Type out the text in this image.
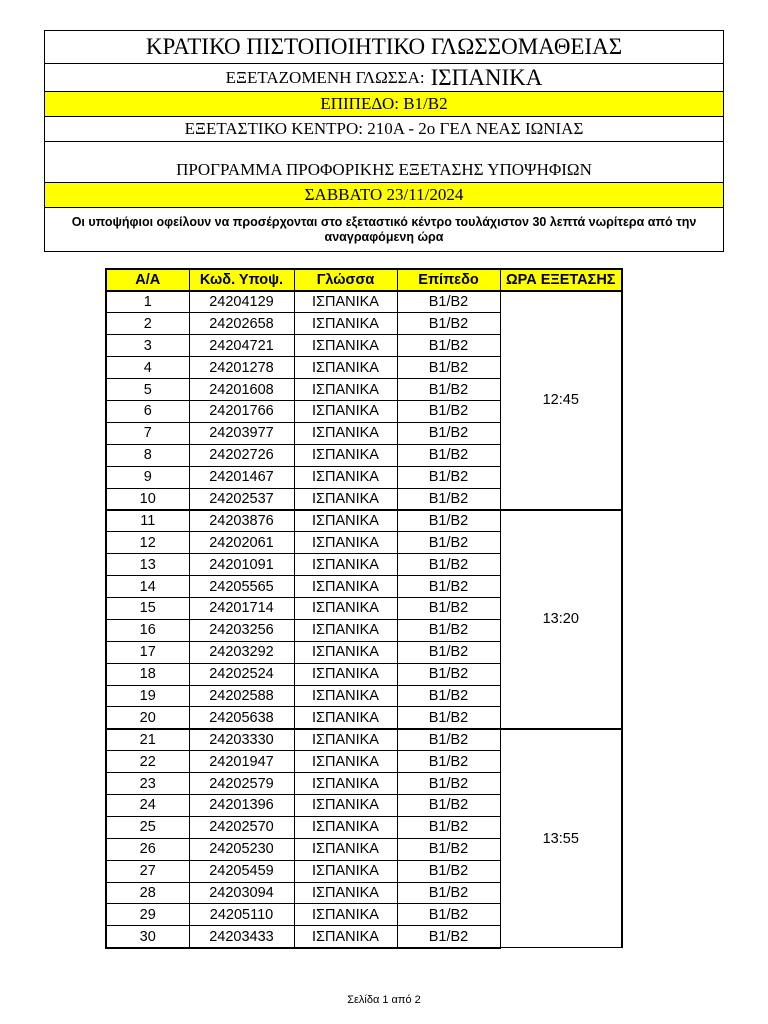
ΚΡΑΤΙΚΟ ΠΙΣΤΟΠΟΙΗΤΙΚΟ ΓΛΩΣΣΟΜΑΘΕΙΑΣ
ΕΞΕΤΑΖΟΜΕΝΗ ΓΛΩΣΣΑ: ΙΣΠΑΝΙΚΑ
ΕΠΙΠΕΔΟ: Β1/Β2
ΕΞΕΤΑΣΤΙΚΟ ΚΕΝΤΡΟ: 210Α - 2ο ΓΕΛ ΝΕΑΣ ΙΩΝΙΑΣ
ΠΡΟΓΡΑΜΜΑ ΠΡΟΦΟΡΙΚΗΣ ΕΞΕΤΑΣΗΣ ΥΠΟΨΗΦΙΩΝ
ΣΑΒΒΑΤΟ 23/11/2024
Οι υποψήφιοι οφείλουν να προσέρχονται στο εξεταστικό κέντρο τουλάχιστον 30 λεπτά νωρίτερα από την αναγραφόμενη ώρα
Α/Α	Κωδ. Υποψ.	Γλώσσα	Επίπεδο	ΩΡΑ ΕΞΕΤΑΣΗΣ
1	24204129	ΙΣΠΑΝΙΚΑ	B1/B2	12:45
2	24202658	ΙΣΠΑΝΙΚΑ	B1/B2	
3	24204721	ΙΣΠΑΝΙΚΑ	B1/B2	
4	24201278	ΙΣΠΑΝΙΚΑ	B1/B2	
5	24201608	ΙΣΠΑΝΙΚΑ	B1/B2	
6	24201766	ΙΣΠΑΝΙΚΑ	B1/B2	
7	24203977	ΙΣΠΑΝΙΚΑ	B1/B2	
8	24202726	ΙΣΠΑΝΙΚΑ	B1/B2	
9	24201467	ΙΣΠΑΝΙΚΑ	B1/B2	
10	24202537	ΙΣΠΑΝΙΚΑ	B1/B2	
11	24203876	ΙΣΠΑΝΙΚΑ	B1/B2	13:20
12	24202061	ΙΣΠΑΝΙΚΑ	B1/B2	
13	24201091	ΙΣΠΑΝΙΚΑ	B1/B2	
14	24205565	ΙΣΠΑΝΙΚΑ	B1/B2	
15	24201714	ΙΣΠΑΝΙΚΑ	B1/B2	
16	24203256	ΙΣΠΑΝΙΚΑ	B1/B2	
17	24203292	ΙΣΠΑΝΙΚΑ	B1/B2	
18	24202524	ΙΣΠΑΝΙΚΑ	B1/B2	
19	24202588	ΙΣΠΑΝΙΚΑ	B1/B2	
20	24205638	ΙΣΠΑΝΙΚΑ	B1/B2	
21	24203330	ΙΣΠΑΝΙΚΑ	B1/B2	13:55
22	24201947	ΙΣΠΑΝΙΚΑ	B1/B2	
23	24202579	ΙΣΠΑΝΙΚΑ	B1/B2	
24	24201396	ΙΣΠΑΝΙΚΑ	B1/B2	
25	24202570	ΙΣΠΑΝΙΚΑ	B1/B2	
26	24205230	ΙΣΠΑΝΙΚΑ	B1/B2	
27	24205459	ΙΣΠΑΝΙΚΑ	B1/B2	
28	24203094	ΙΣΠΑΝΙΚΑ	B1/B2	
29	24205110	ΙΣΠΑΝΙΚΑ	B1/B2	
30	24203433	ΙΣΠΑΝΙΚΑ	B1/B2	
Σελίδα 1 από 2
